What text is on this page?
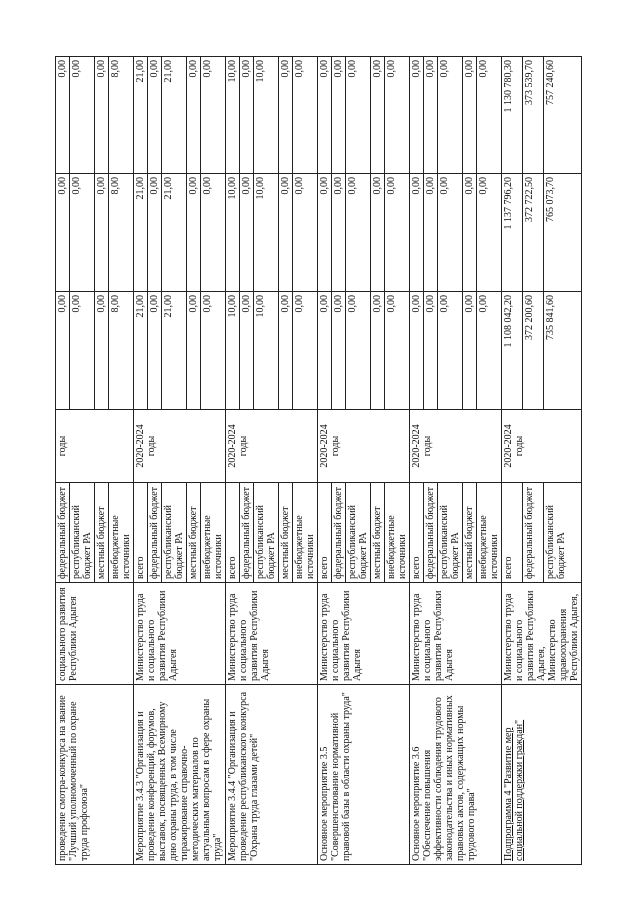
проведение смотра-конкурса на звание "Лучший уполномоченный по охране труда профсоюза"	социального развития Республики Адыгея	федеральный бюджет	годы	0,00	0,00	0,00
		республиканский бюджет РА		0,00	0,00	0,00
		местный бюджет		0,00	0,00	0,00
		внебюджетные источники		8,00	8,00	8,00
Мероприятие 3.4.3 "Организация и проведение конференций, форумов, выставок, посвященных Всемирному дню охраны труда, в том числе тиражирование справочно-методических материалов по актуальным вопросам в сфере охраны труда"	Министерство труда и социального развития Республики Адыгея	всего	2020-2024 годы	21,00	21,00	21,00
		федеральный бюджет		0,00	0,00	0,00
		республиканский бюджет РА		21,00	21,00	21,00
		местный бюджет		0,00	0,00	0,00
		внебюджетные источники		0,00	0,00	0,00
Мероприятие 3.4.4 "Организация и проведение республиканского конкурса "Охрана труда глазами детей"	Министерство труда и социального развития Республики Адыгея	всего	2020-2024 годы	10,00	10,00	10,00
		федеральный бюджет		0,00	0,00	0,00
		республиканский бюджет РА		10,00	10,00	10,00
		местный бюджет		0,00	0,00	0,00
		внебюджетные источники		0,00	0,00	0,00
Основное мероприятие 3.5 "Совершенствование нормативной правовой базы в области охраны труда"	Министерство труда и социального развития Республики Адыгея	всего	2020-2024 годы	0,00	0,00	0,00
		федеральный бюджет		0,00	0,00	0,00
		республиканский бюджет РА		0,00	0,00	0,00
		местный бюджет		0,00	0,00	0,00
		внебюджетные источники		0,00	0,00	0,00
Основное мероприятие 3.6 "Обеспечение повышения эффективности соблюдения трудового законодательства и иных нормативных правовых актов, содержащих нормы трудового права"	Министерство труда и социального развития Республики Адыгея	всего	2020-2024 годы	0,00	0,00	0,00
		федеральный бюджет		0,00	0,00	0,00
		республиканский бюджет РА		0,00	0,00	0,00
		местный бюджет		0,00	0,00	0,00
		внебюджетные источники		0,00	0,00	0,00
Подпрограмма 4 "Развитие мер социальной поддержки граждан"	Министерство труда и социального развития Республики Адыгея, Министерство здравоохранения Республики Адыгея,	всего	2020-2024 годы	1 108 042,20	1 137 796,20	1 130 780,30
		федеральный бюджет		372 200,60	372 722,50	373 539,70
		республиканский бюджет РА		735 841,60	765 073,70	757 240,60
